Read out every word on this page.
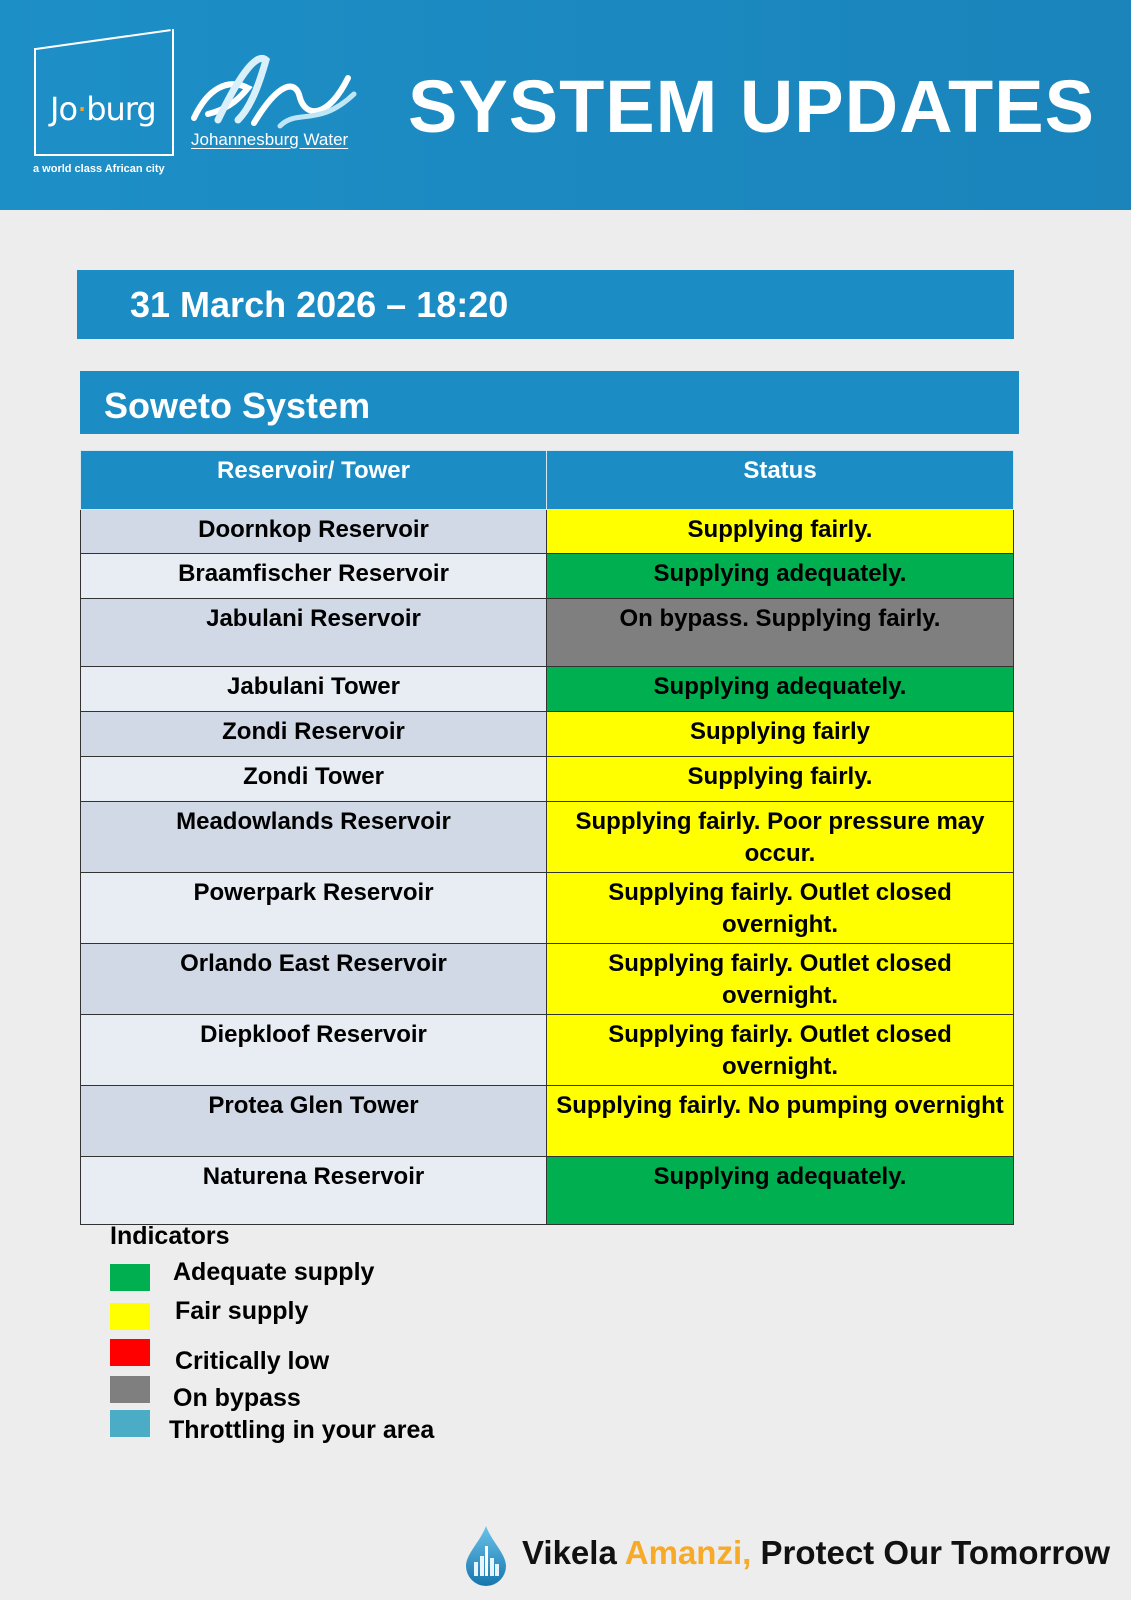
Jo·burg
a world class African city
Johannesburg Water SYSTEM UPDATES
31 March 2026 – 18:20
Soweto System
Reservoir/ Tower	Status
Doornkop Reservoir	Supplying fairly.
Braamfischer Reservoir	Supplying adequately.
Jabulani Reservoir	On bypass. Supplying fairly.
Jabulani Tower	Supplying adequately.
Zondi Reservoir	Supplying fairly
Zondi Tower	Supplying fairly.
Meadowlands Reservoir	Supplying fairly. Poor pressure may occur.
Powerpark Reservoir	Supplying fairly. Outlet closed overnight.
Orlando East Reservoir	Supplying fairly. Outlet closed overnight.
Diepkloof Reservoir	Supplying fairly. Outlet closed overnight.
Protea Glen Tower	Supplying fairly. No pumping overnight
Naturena Reservoir	Supplying adequately.
Indicators
Adequate supply
Fair supply
Critically low
On bypass
Throttling in your area
Vikela Amanzi, Protect Our Tomorrow
